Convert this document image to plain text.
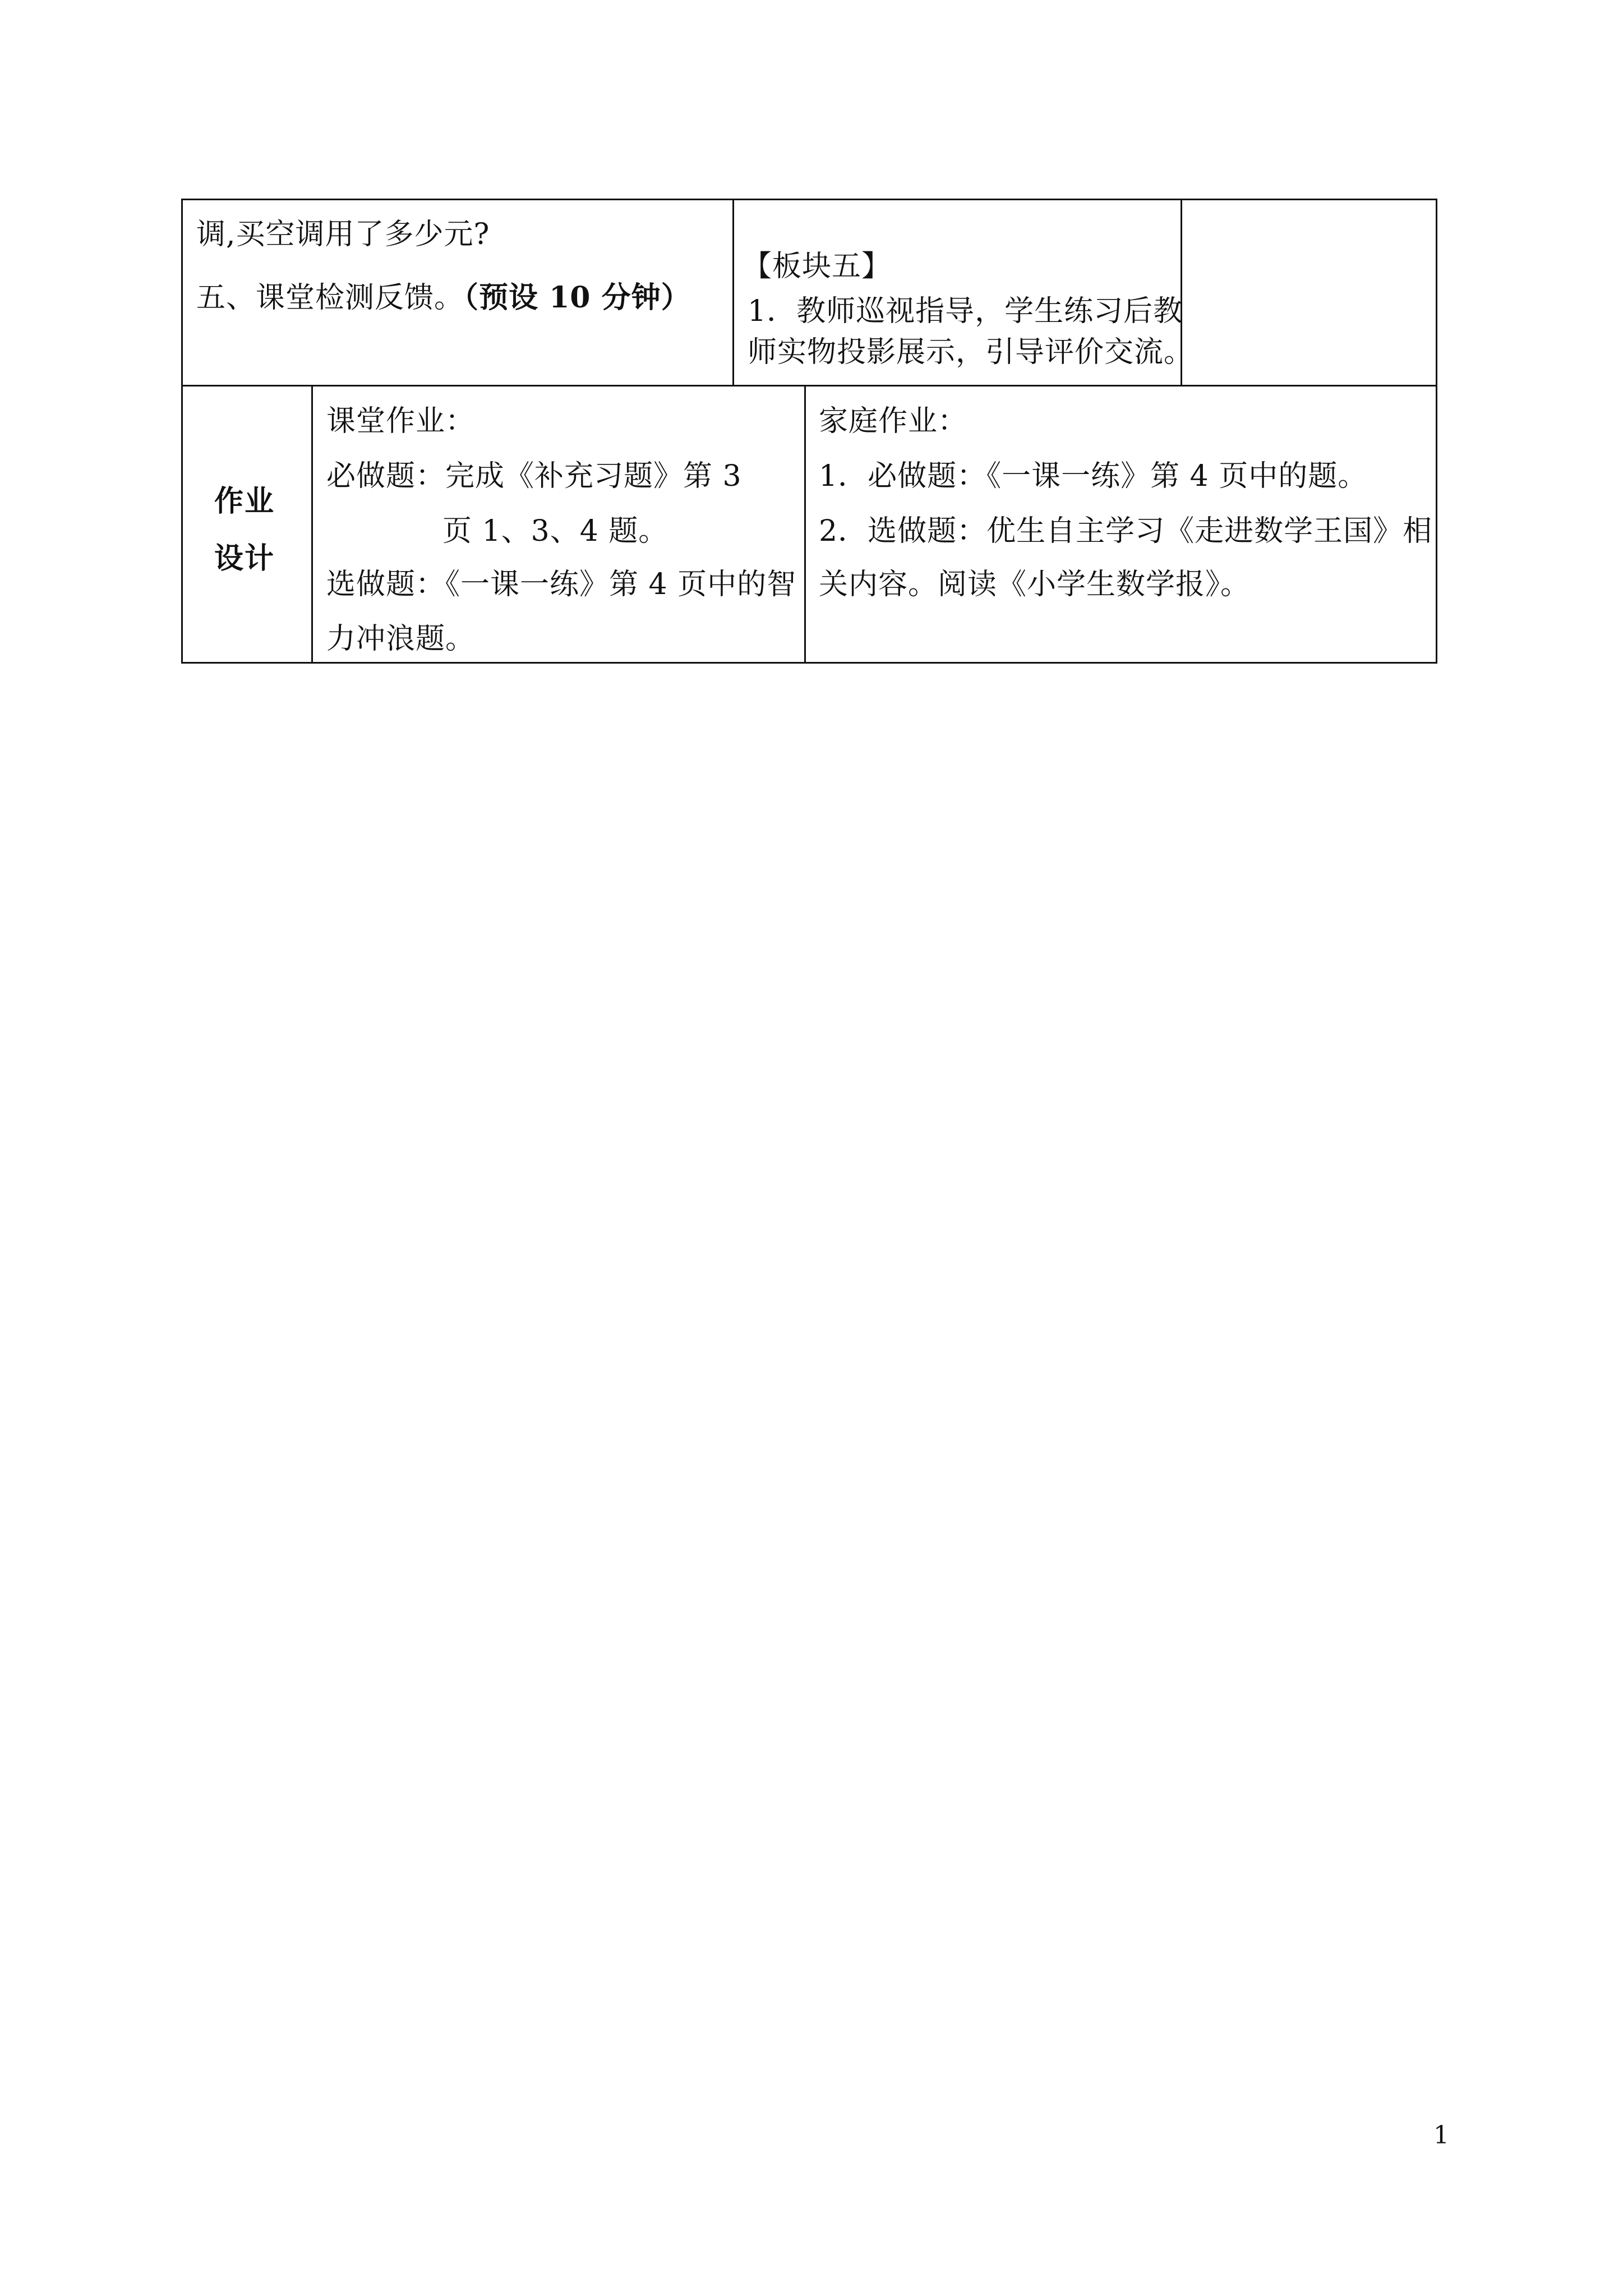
调,买空调用了多少元?
五、课堂检测反馈。（预设 10 分钟）
【板块五】
1．教师巡视指导，学生练习后教
师实物投影展示，引导评价交流。
作业
设计
课堂作业：
必做题：完成《补充习题》第 3
页 1、3、4 题。
选做题：《一课一练》第 4 页中的智
力冲浪题。
家庭作业：
1．必做题：《一课一练》第 4 页中的题。
2．选做题：优生自主学习《走进数学王国》相
关内容。阅读《小学生数学报》。
1
